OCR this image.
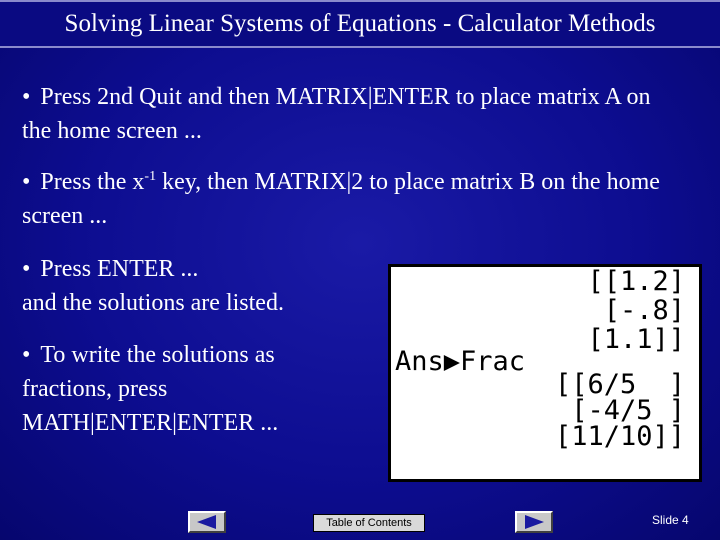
Solving Linear Systems of Equations - Calculator Methods
• Press 2nd Quit and then MATRIX|ENTER to place matrix A on the home screen ...
• Press the $x^{-1}$ key, then MATRIX|2 to place matrix B on the home screen ...
• Press ENTER ...
and the solutions are listed.
• To write the solutions as fractions, press MATH|ENTER|ENTER ...
[[1.2]
[-.8]
[1.1]]
Ans▶Frac
[[6/5  ]
[-4/5 ]
[11/10]]
Table of Contents	Slide 4
